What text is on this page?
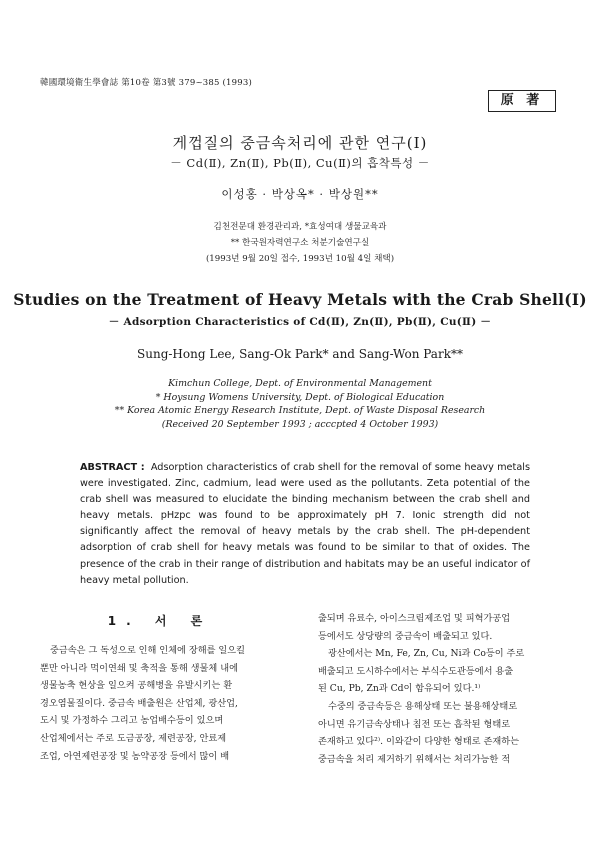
韓國環境衛生學會誌 第10卷 第3號 379~385 (1993)
原 著
게껍질의 중금속처리에 관한 연구(Ⅰ)
－ Cd(Ⅱ), Zn(Ⅱ), Pb(Ⅱ), Cu(Ⅱ)의 흡착특성 －
이성홍 · 박상옥* · 박상원**
김천전문대 환경관리과, *효성여대 생물교육과
** 한국원자력연구소 처분기술연구실
(1993년 9월 20일 접수, 1993년 10월 4일 채택)
Studies on the Treatment of Heavy Metals with the Crab Shell(Ⅰ)
－ Adsorption Characteristics of Cd(Ⅱ), Zn(Ⅱ), Pb(Ⅱ), Cu(Ⅱ) －
Sung-Hong Lee, Sang-Ok Park* and Sang-Won Park**
Kimchun College, Dept. of Environmental Management
* Hoysung Womens University, Dept. of Biological Education
** Korea Atomic Energy Research Institute, Dept. of Waste Disposal Research
(Received 20 September 1993 ; acccpted 4 October 1993)
ABSTRACT : Adsorption characteristics of crab shell for the removal of some heavy metals were investigated. Zinc, cadmium, lead were used as the pollutants. Zeta potential of the crab shell was measured to elucidate the binding mechanism between the crab shell and heavy metals. pHzpc was found to be approximately pH 7. Ionic strength did not significantly affect the removal of heavy metals by the crab shell. The pH-dependent adsorption of crab shell for heavy metals was found to be similar to that of oxides. The presence of the crab in their range of distribution and habitats may be an useful indicator of heavy metal pollution.
1. 서 론
중금속은 그 독성으로 인해 인체에 장해를 일으킬
뿐만 아니라 먹이연쇄 및 축적을 통해 생물체 내에
생물농축 현상을 일으켜 공해병을 유발시키는 환
경오염물질이다. 중금속 배출원은 산업체, 광산업,
도시 및 가정하수 그리고 농업배수등이 있으며
산업체에서는 주로 도금공장, 제련공장, 안료제
조업, 아연제련공장 및 농약공장 등에서 많이 배
출되며 유료수, 아이스크림제조업 및 피혁가공업
등에서도 상당량의 중금속이 배출되고 있다.
광산에서는 Mn, Fe, Zn, Cu, Ni과 Co등이 주로
배출되고 도시하수에서는 부식수도관등에서 용출
된 Cu, Pb, Zn과 Cd이 함유되어 있다.¹⁾
수중의 중금속등은 용해상태 또는 불용해상태로
아니면 유기금속상태나 침전 또는 흡착된 형태로
존재하고 있다²⁾. 이와같이 다양한 형태로 존재하는
중금속을 처리 제거하기 위해서는 처리가능한 적
